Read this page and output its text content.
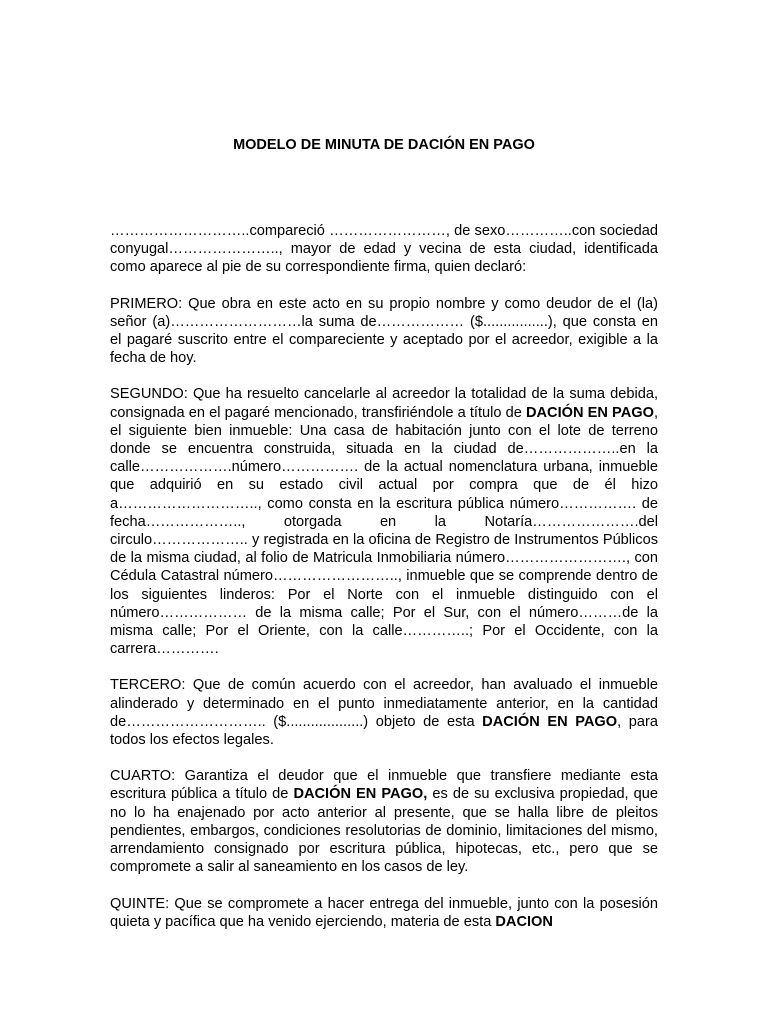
MODELO DE MINUTA DE DACIÓN EN PAGO

………………………..compareció ……………………, de sexo…………..con sociedad conyugal………………….., mayor de edad y vecina de esta ciudad, identificada como aparece al pie de su correspondiente firma, quien declaró:

PRIMERO: Que obra en este acto en su propio nombre y como deudor de el (la) señor (a)………………………la suma de……………… ($................), que consta en el pagaré suscrito entre el compareciente y aceptado por el acreedor, exigible a la fecha de hoy.

SEGUNDO: Que ha resuelto cancelarle al acreedor la totalidad de la suma debida, consignada en el pagaré mencionado, transfiriéndole a título de DACIÓN EN PAGO, el siguiente bien inmueble: Una casa de habitación junto con el lote de terreno donde se encuentra construida, situada en la ciudad de………………..en la calle……………….número……………. de la actual nomenclatura urbana, inmueble que adquirió en su estado civil actual por compra que de él hizo a……………………….., como consta en la escritura pública número……………. de fecha……………….., otorgada en la Notaría………………….del circulo……………….. y registrada en la oficina de Registro de Instrumentos Públicos de la misma ciudad, al folio de Matricula Inmobiliaria número……………………., con Cédula Catastral número…………………….., inmueble que se comprende dentro de los siguientes linderos: Por el Norte con el inmueble distinguido con el número……………… de la misma calle; Por el Sur, con el número………de la misma calle; Por el Oriente, con la calle…………..; Por el Occidente, con la carrera………….

TERCERO: Que de común acuerdo con el acreedor, han avaluado el inmueble alinderado y determinado en el punto inmediatamente anterior, en la cantidad de……………………….. ($...................) objeto de esta DACIÓN EN PAGO, para todos los efectos legales.

CUARTO: Garantiza el deudor que el inmueble que transfiere mediante esta escritura pública a título de DACIÓN EN PAGO, es de su exclusiva propiedad, que no lo ha enajenado por acto anterior al presente, que se halla libre de pleitos pendientes, embargos, condiciones resolutorias de dominio, limitaciones del mismo, arrendamiento consignado por escritura pública, hipotecas, etc., pero que se compromete a salir al saneamiento en los casos de ley.

QUINTE: Que se compromete a hacer entrega del inmueble, junto con la posesión quieta y pacífica que ha venido ejerciendo, materia de esta DACION
